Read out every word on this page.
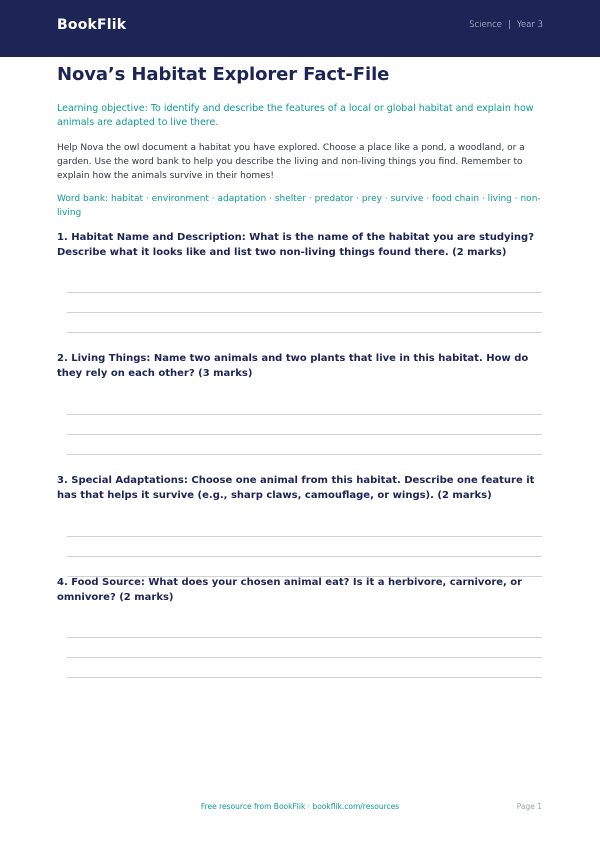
BookFlik	Science | Year 3
Nova’s Habitat Explorer Fact-File

Learning objective: To identify and describe the features of a local or global habitat and explain how animals are adapted to live there.

Help Nova the owl document a habitat you have explored. Choose a place like a pond, a woodland, or a garden. Use the word bank to help you describe the living and non-living things you find. Remember to explain how the animals survive in their homes!

Word bank: habitat · environment · adaptation · shelter · predator · prey · survive · food chain · living · non-living

1. Habitat Name and Description: What is the name of the habitat you are studying? Describe what it looks like and list two non-living things found there. (2 marks)
2. Living Things: Name two animals and two plants that live in this habitat. How do they rely on each other? (3 marks)
3. Special Adaptations: Choose one animal from this habitat. Describe one feature it has that helps it survive (e.g., sharp claws, camouflage, or wings). (2 marks)
4. Food Source: What does your chosen animal eat? Is it a herbivore, carnivore, or omnivore? (2 marks)
Free resource from BookFlik · bookflik.com/resources	Page 1
